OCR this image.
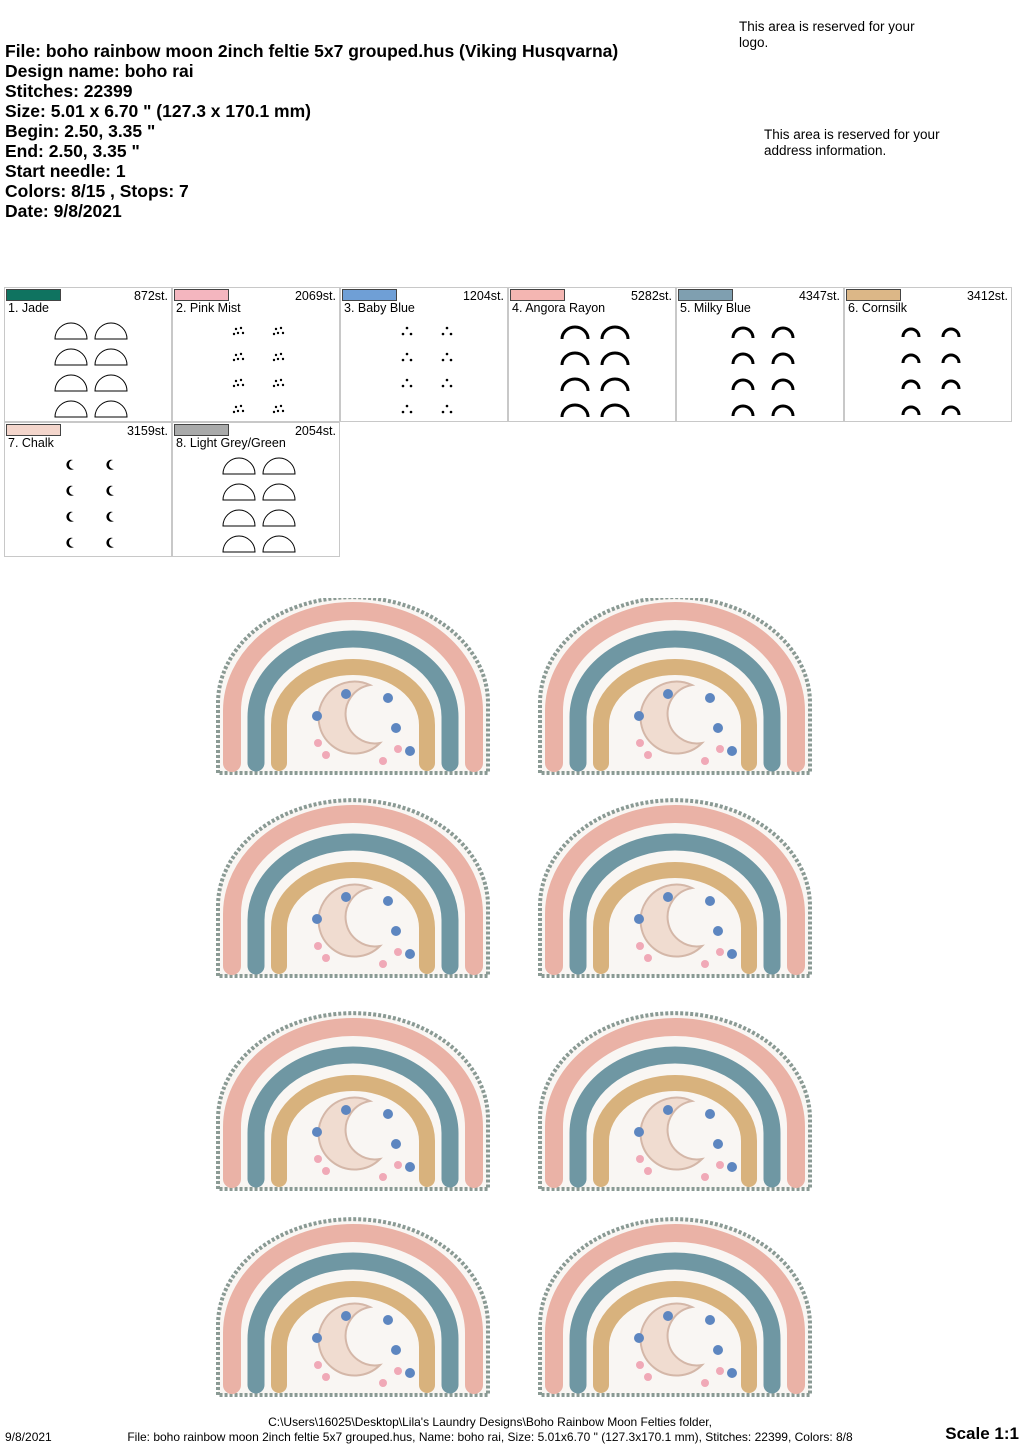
File: boho rainbow moon 2inch feltie 5x7 grouped.hus (Viking Husqvarna)
Design name: boho rai
Stitches: 22399
Size: 5.01 x 6.70 " (127.3 x 170.1 mm)
Begin: 2.50, 3.35 "
End: 2.50, 3.35 "
Start needle: 1
Colors: 8/15 , Stops: 7
Date: 9/8/2021
This area is reserved for your logo.
This area is reserved for your address information.
872st.
1. Jade
2069st.
2. Pink Mist
1204st.
3. Baby Blue
5282st.
4. Angora Rayon
4347st.
5. Milky Blue
3412st.
6. Cornsilk
3159st.
7. Chalk
2054st.
8. Light Grey/Green
9/8/2021
C:\Users\16025\Desktop\Lila's Laundry Designs\Boho Rainbow Moon Felties folder,
File: boho rainbow moon 2inch feltie 5x7 grouped.hus, Name: boho rai, Size: 5.01x6.70 " (127.3x170.1 mm), Stitches: 22399, Colors: 8/8	Scale 1:1
